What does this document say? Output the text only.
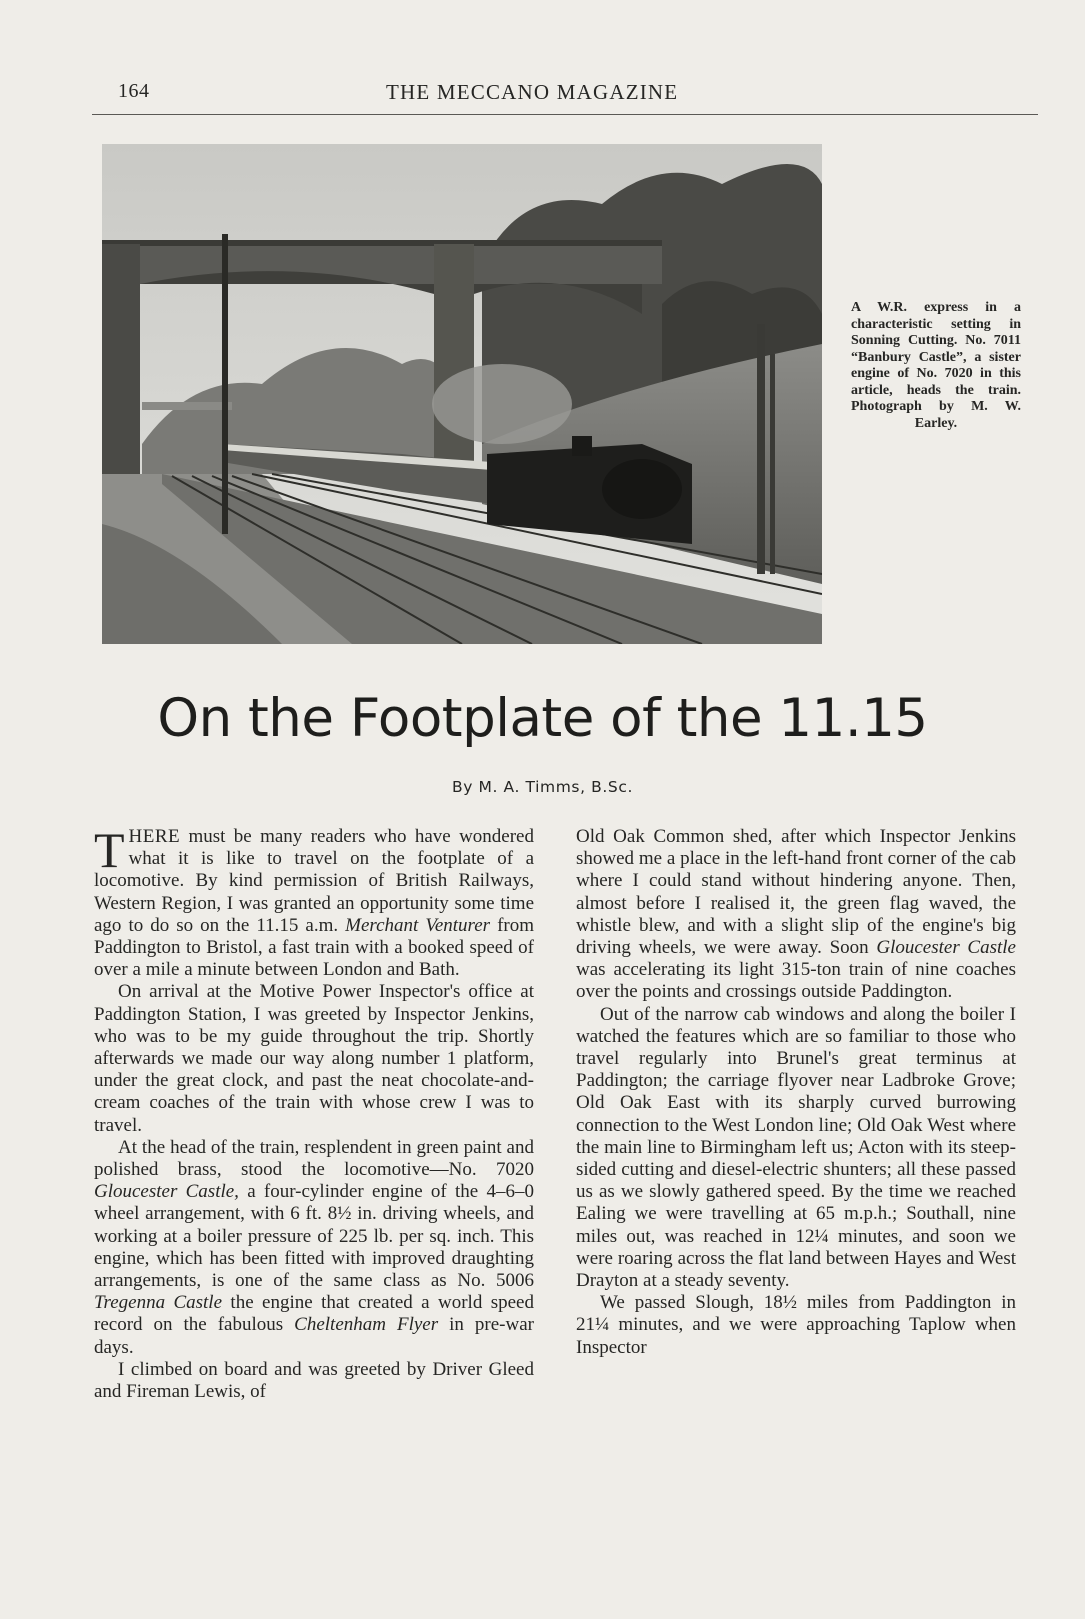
164	THE MECCANO MAGAZINE
A W.R. express in a characteristic setting in Sonning Cutting. No. 7011 “Banbury Castle”, a sister engine of No. 7020 in this article, heads the train. Photograph by M. W. Earley.
On the Footplate of the 11.15
By M. A. Timms, B.Sc.

THERE must be many readers who have wondered what it is like to travel on the footplate of a locomotive. By kind permission of British Railways, Western Region, I was granted an opportunity some time ago to do so on the 11.15 a.m. Merchant Venturer from Paddington to Bristol, a fast train with a booked speed of over a mile a minute between London and Bath.

On arrival at the Motive Power Inspector's office at Paddington Station, I was greeted by Inspector Jenkins, who was to be my guide throughout the trip. Shortly afterwards we made our way along number 1 platform, under the great clock, and past the neat chocolate-and-cream coaches of the train with whose crew I was to travel.

At the head of the train, resplendent in green paint and polished brass, stood the locomotive—No. 7020 Gloucester Castle, a four-cylinder engine of the 4–6–0 wheel arrangement, with 6 ft. 8½ in. driving wheels, and working at a boiler pressure of 225 lb. per sq. inch. This engine, which has been fitted with improved draughting arrangements, is one of the same class as No. 5006 Tregenna Castle the engine that created a world speed record on the fabulous Cheltenham Flyer in pre-war days.

I climbed on board and was greeted by Driver Gleed and Fireman Lewis, of

Old Oak Common shed, after which Inspector Jenkins showed me a place in the left-hand front corner of the cab where I could stand without hindering anyone. Then, almost before I realised it, the green flag waved, the whistle blew, and with a slight slip of the engine's big driving wheels, we were away. Soon Gloucester Castle was accelerating its light 315-ton train of nine coaches over the points and crossings outside Paddington.

Out of the narrow cab windows and along the boiler I watched the features which are so familiar to those who travel regularly into Brunel's great terminus at Paddington; the carriage flyover near Ladbroke Grove; Old Oak East with its sharply curved burrowing connection to the West London line; Old Oak West where the main line to Birmingham left us; Acton with its steep-sided cutting and diesel-electric shunters; all these passed us as we slowly gathered speed. By the time we reached Ealing we were travelling at 65 m.p.h.; Southall, nine miles out, was reached in 12¼ minutes, and soon we were roaring across the flat land between Hayes and West Drayton at a steady seventy.

We passed Slough, 18½ miles from Paddington in 21¼ minutes, and we were approaching Taplow when Inspector
